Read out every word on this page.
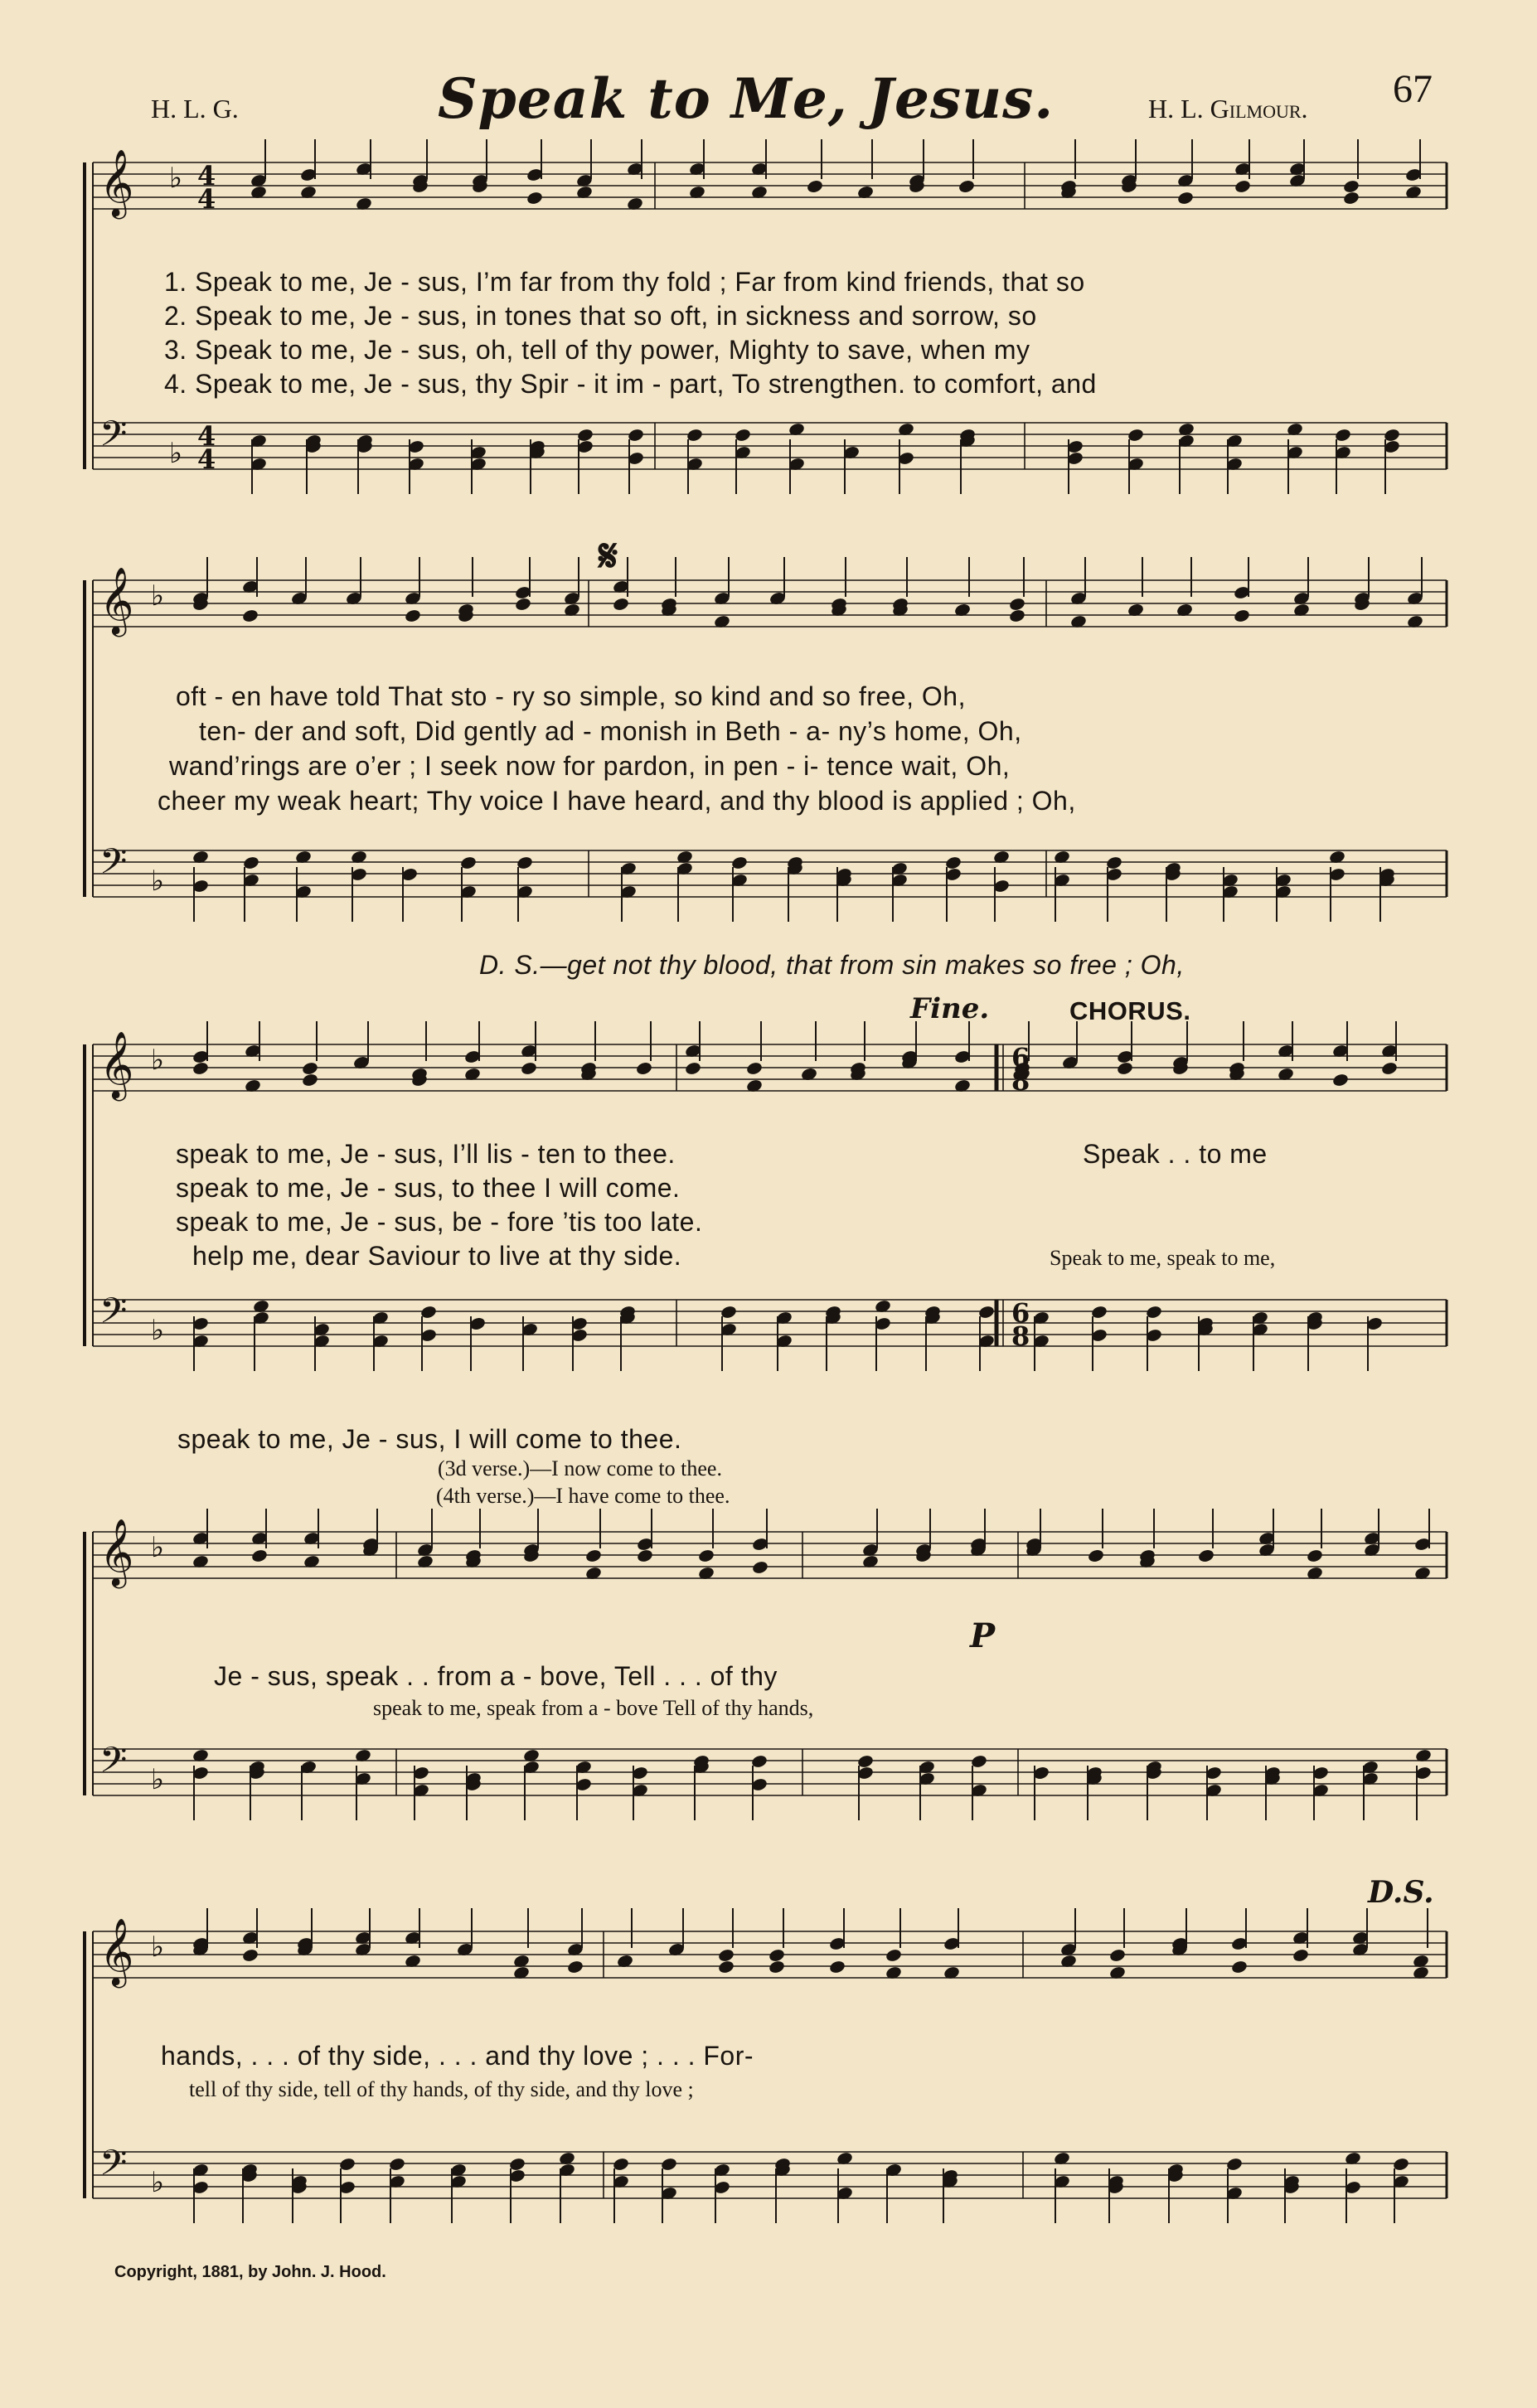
H. L. G.	Speak to Me, Jesus.	H. L. Gilmour. 67
𝄞 ♭
𝄢 ♭
4
4
4
4
𝄞 ♭
𝄢 ♭
𝄞 ♭
𝄢 ♭
6
8
6
8
𝄞 ♭
𝄢 ♭
𝄞 ♭
𝄢 ♭
1. Speak to me, Je - sus, I’m far from thy fold ; Far from kind friends, that so
2. Speak to me, Je - sus, in tones that so oft, in sickness and sorrow, so
3. Speak to me, Je - sus, oh, tell of thy power, Mighty to save, when my
4. Speak to me, Je - sus, thy Spir - it im - part, To strengthen. to comfort, and
𝄋
oft - en have told That sto - ry so simple, so kind and so free, Oh,
ten- der and soft, Did gently ad - monish in Beth - a- ny’s home, Oh,
wand’rings are o’er ; I seek now for pardon, in pen - i- tence wait, Oh,
cheer my weak heart; Thy voice I have heard, and thy blood is applied ; Oh,
D. S.—get not thy blood, that from sin makes so free ; Oh,
Fine.	CHORUS.
speak to me, Je - sus, I’ll lis - ten to thee.
speak to me, Je - sus, to thee I will come.
speak to me, Je - sus, be - fore ’tis too late.
help me, dear Saviour to live at thy side.
Speak . . to me
Speak to me, speak to me,
speak to me, Je - sus, I will come to thee.
(3d verse.)—I now come to thee.
(4th verse.)—I have come to thee.
P
Je - sus, speak . . from a - bove, Tell . . . of thy
speak to me, speak from a - bove Tell of thy hands,
D.S.
hands, . . . of thy side, . . . and thy love ; . . . For-
tell of thy side, tell of thy hands, of thy side, and thy love ;
Copyright, 1881, by John. J. Hood.
